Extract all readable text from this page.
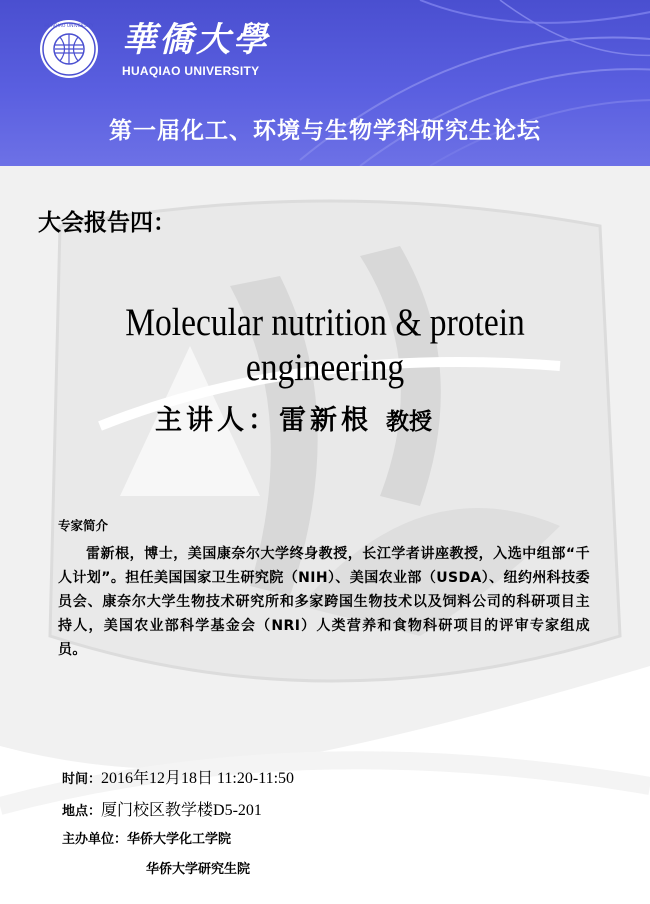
HUAQIAO UNIVERSITY 華僑大學
HUAQIAO UNIVERSITY
第一届化工、环境与生物学科研究生论坛
大会报告四：
Molecular nutrition & protein engineering
主讲人：雷新根 教授
专家简介
雷新根，博士，美国康奈尔大学终身教授，长江学者讲座教授，入选中组部“千人计划”。担任美国国家卫生研究院（NIH）、美国农业部（USDA）、纽约州科技委员会、康奈尔大学生物技术研究所和多家跨国生物技术以及饲料公司的科研项目主持人，美国农业部科学基金会（NRI）人类营养和食物科研项目的评审专家组成员。
时间：2016年12月18日 11:20-11:50
地点：厦门校区教学楼D5-201
主办单位：华侨大学化工学院
华侨大学研究生院
